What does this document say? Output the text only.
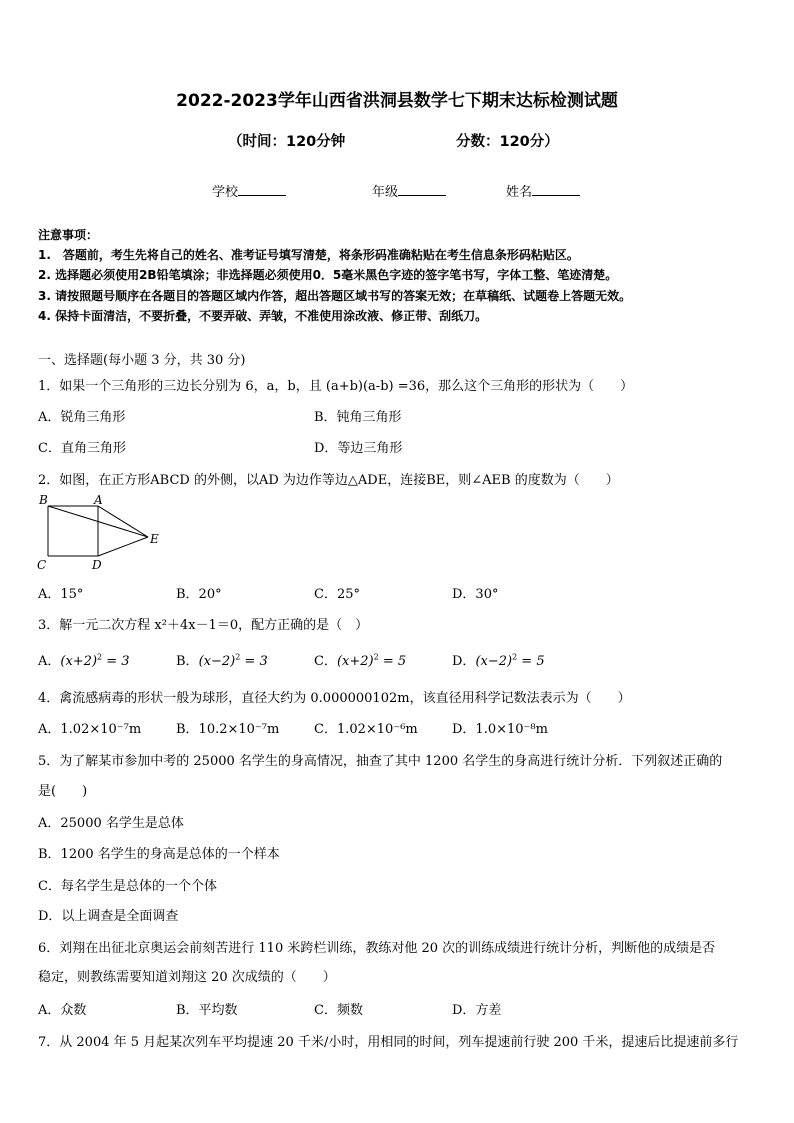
2022-2023学年山西省洪洞县数学七下期末达标检测试题
（时间：120分钟	分数：120分）
学校	年级	姓名
注意事项：
1.　答题前，考生先将自己的姓名、准考证号填写清楚，将条形码准确粘贴在考生信息条形码粘贴区。
2. 选择题必须使用2B铅笔填涂；非选择题必须使用0．5毫米黑色字迹的签字笔书写，字体工整、笔迹清楚。
3. 请按照题号顺序在各题目的答题区域内作答，超出答题区域书写的答案无效；在草稿纸、试题卷上答题无效。
4. 保持卡面清洁，不要折叠，不要弄破、弄皱，不准使用涂改液、修正带、刮纸刀。
一、选择题(每小题 3 分，共 30 分)
1．如果一个三角形的三边长分别为 6，a，b，且 (a+b)(a-b) =36，那么这个三角形的形状为（　　）
A．锐角三角形	B．钝角三角形
C．直角三角形	D．等边三角形
2．如图，在正方形ABCD 的外侧，以AD 为边作等边△ADE，连接BE，则∠AEB 的度数为（　　）
B	A
E
C	D
A．15°	B．20°	C．25°	D．30°
3．解一元二次方程 x²＋4x－1＝0，配方正确的是（　）
A．$(x+2)^2 = 3$	B．$(x-2)^2 = 3$	C．$(x+2)^2 = 5$	D．$(x-2)^2 = 5$
4．禽流感病毒的形状一般为球形，直径大约为 0.000000102m，该直径用科学记数法表示为（　　）
A．1.02×10⁻⁷m	B．10.2×10⁻⁷m	C．1.02×10⁻⁶m	D．1.0×10⁻⁸m
5．为了解某市参加中考的 25000 名学生的身高情况，抽查了其中 1200 名学生的身高进行统计分析．下列叙述正确的
是(　　)
A．25000 名学生是总体
B．1200 名学生的身高是总体的一个样本
C．每名学生是总体的一个个体
D．以上调查是全面调查
6．刘翔在出征北京奥运会前刻苦进行 110 米跨栏训练，教练对他 20 次的训练成绩进行统计分析，判断他的成绩是否
稳定，则教练需要知道刘翔这 20 次成绩的（　　）
A．众数	B．平均数	C．频数	D．方差
7．从 2004 年 5 月起某次列车平均提速 20 千米/小时，用相同的时间，列车提速前行驶 200 千米，提速后比提速前多行
